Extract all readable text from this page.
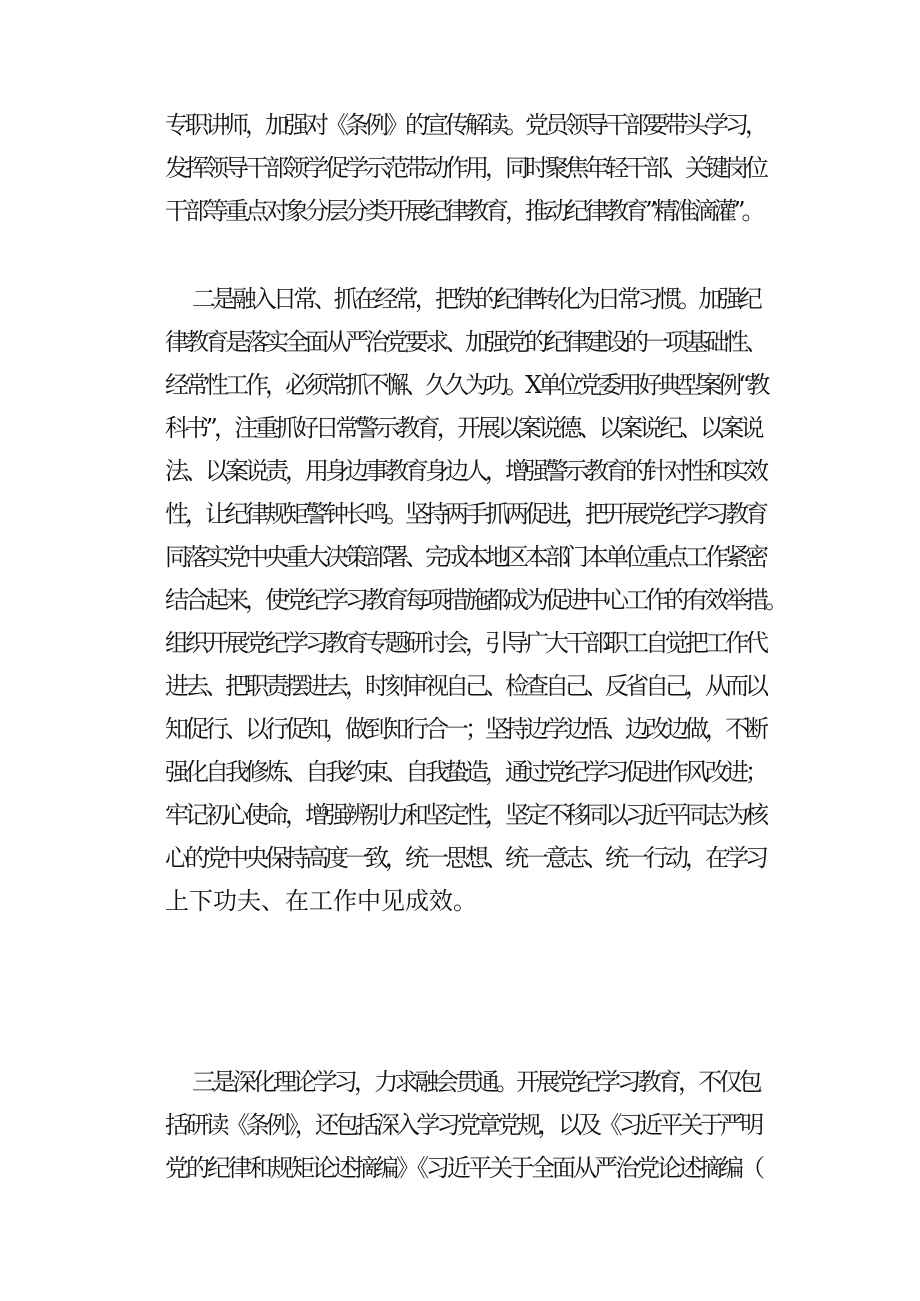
专职讲师，加强对《条例》的宣传解读。党员领导干部要带头学习，
发挥领导干部领学促学示范带动作用，同时聚焦年轻干部、关键岗位
干部等重点对象分层分类开展纪律教育，推动纪律教育”精准滴灌”。

二是融入日常、抓在经常，把铁的纪律转化为日常习惯。加强纪
律教育是落实全面从严治党要求、加强党的纪律建设的一项基础性、
经常性工作，必须常抓不懈、久久为功。X单位党委用好典型案例“教
科书”，注重抓好日常警示教育，开展以案说德、以案说纪、以案说
法、以案说责，用身边事教育身边人，增强警示教育的针对性和实效
性，让纪律规矩警钟长鸣。坚持两手抓两促进，把开展党纪学习教育
同落实党中央重大决策部署、完成本地区本部门本单位重点工作紧密
结合起来，使党纪学习教育每项措施都成为促进中心工作的有效举措。
组织开展党纪学习教育专题研讨会，引导广大干部职工自觉把工作代
进去、把职责摆进去，时刻审视自己、检查自己、反省自己，从而以
知促行、以行促知，做到知行合一；坚持边学边悟、边改边做，不断
强化自我修炼、自我约束、自我蛰造，通过党纪学习促进作风改进；
牢记初心使命，增强辨别力和坚定性，坚定不移同以习近平同志为核
心的党中央保持高度一致，统一思想、统一意志、统一行动，在学习
上下功夫、在工作中见成效。

三是深化理论学习，力求融会贯通。开展党纪学习教育，不仅包
括研读《条例》，还包括深入学习党章党规，以及《习近平关于严明
党的纪律和规矩论述摘编》《习近平关于全面从严治党论述摘编（
